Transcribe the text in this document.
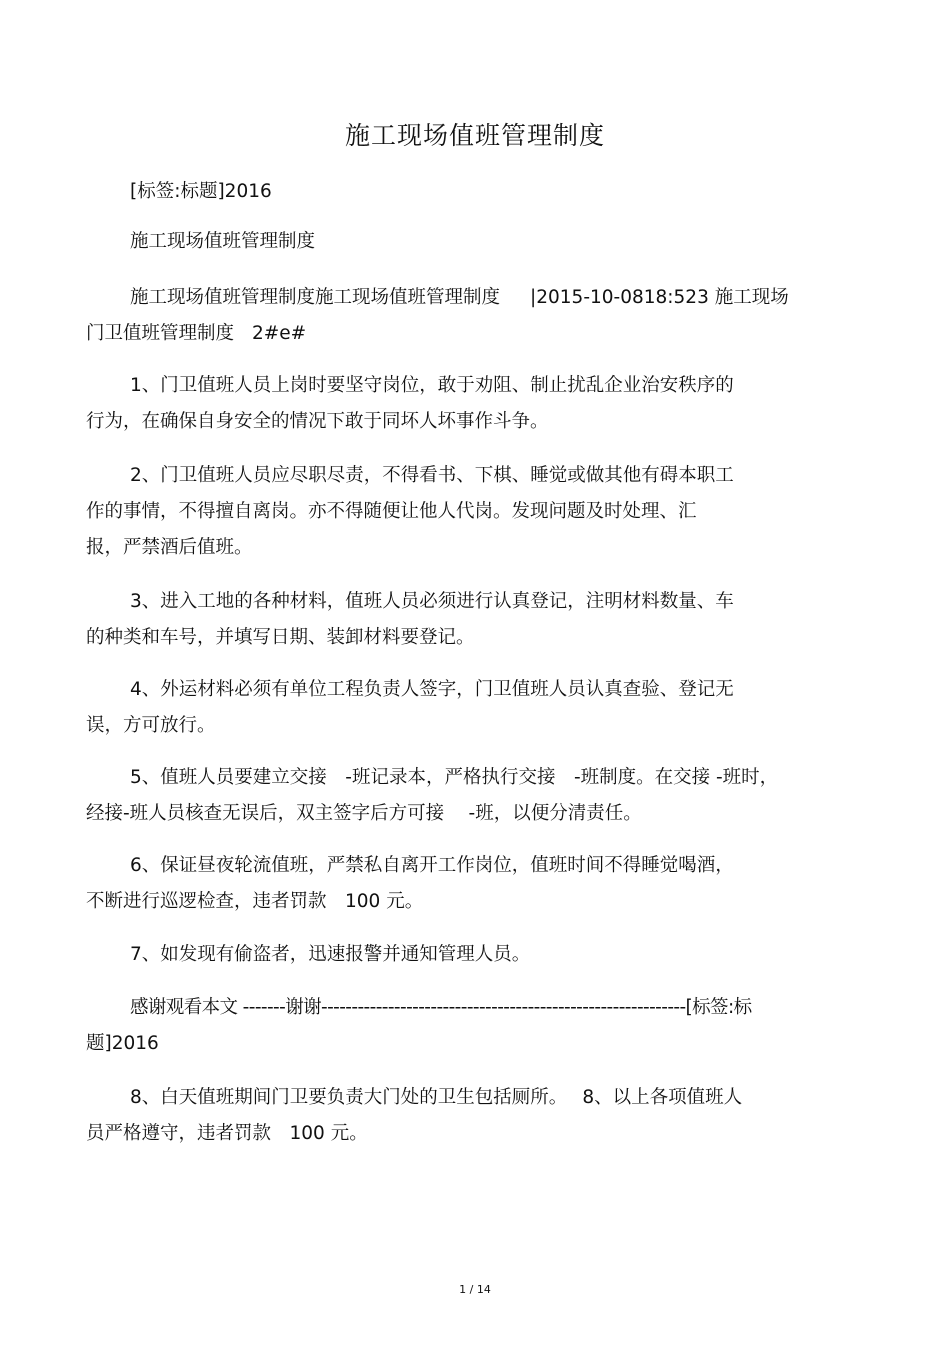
施工现场值班管理制度

[标签:标题]2016

施工现场值班管理制度

施工现场值班管理制度施工现场值班管理制度 |2015-10-0818:523 施工现场
门卫值班管理制度 2#e#

1、门卫值班人员上岗时要坚守岗位，敢于劝阻、制止扰乱企业治安秩序的
行为，在确保自身安全的情况下敢于同坏人坏事作斗争。

2、门卫值班人员应尽职尽责，不得看书、下棋、睡觉或做其他有碍本职工
作的事情，不得擅自离岗。亦不得随便让他人代岗。发现问题及时处理、汇
报，严禁酒后值班。

3、进入工地的各种材料，值班人员必须进行认真登记，注明材料数量、车
的种类和车号，并填写日期、装卸材料要登记。

4、外运材料必须有单位工程负责人签字，门卫值班人员认真查验、登记无
误，方可放行。

5、值班人员要建立交接　-班记录本，严格执行交接　-班制度。在交接 -班时，
经接-班人员核查无误后，双主签字后方可接　 -班，以便分清责任。

6、保证昼夜轮流值班，严禁私自离开工作岗位，值班时间不得睡觉喝酒，
不断进行巡逻检查，违者罚款　100 元。

7、如发现有偷盗者，迅速报警并通知管理人员。

感谢观看本文 -------谢谢------------------------------------------------------------[标签:标
题]2016

8、白天值班期间门卫要负责大门处的卫生包括厕所。　 8、以上各项值班人
员严格遵守，违者罚款　100 元。

1 / 14
